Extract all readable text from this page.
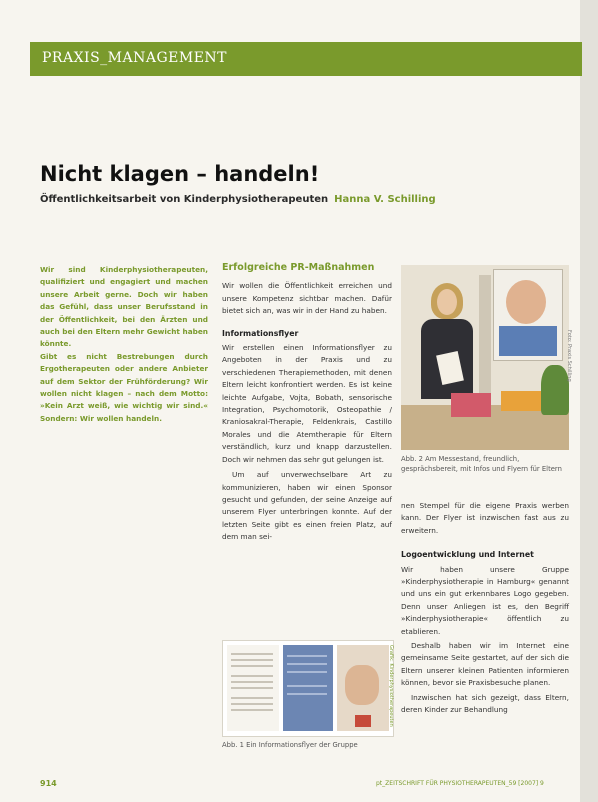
PRAXIS_MANAGEMENT
Nicht klagen – handeln!
Öffentlichkeitsarbeit von Kinderphysiotherapeuten Hanna V. Schilling

Wir sind Kinderphysiotherapeuten, qualifiziert und engagiert und machen unsere Arbeit gerne. Doch wir haben das Gefühl, dass unser Berufsstand in der Öffentlichkeit, bei den Ärzten und auch bei den Eltern mehr Gewicht haben könnte.

Gibt es nicht Bestrebungen durch Ergotherapeuten oder andere Anbieter auf dem Sektor der Frühförderung? Wir wollen nicht klagen – nach dem Motto: »Kein Arzt weiß, wie wichtig wir sind.« Sondern: Wir wollen handeln.

Erfolgreiche PR-Maßnahmen

Wir wollen die Öffentlichkeit erreichen und unsere Kompetenz sichtbar machen. Dafür bietet sich an, was wir in der Hand zu haben.

Informationsflyer

Wir erstellen einen Informationsflyer zu Angeboten in der Praxis und zu verschiedenen Therapiemethoden, mit denen Eltern leicht konfrontiert werden. Es ist keine leichte Aufgabe, Vojta, Bobath, sensorische Integration, Psychomotorik, Osteopathie / Kraniosakral-Therapie, Feldenkrais, Castillo Morales und die Atemtherapie für Eltern verständlich, kurz und knapp darzustellen. Doch wir nehmen das sehr gut gelungen ist.

Um auf unverwechselbare Art zu kommunizieren, haben wir einen Sponsor gesucht und gefunden, der seine Anzeige auf unserem Flyer unterbringen konnte. Auf der letzten Seite gibt es einen freien Platz, auf dem man sei-

Grafik: Kinderphysiotherapeuten
Abb. 1 Ein Informationsflyer der Gruppe
Foto: Praxis Schilling
Abb. 2 Am Messestand, freundlich, gesprächsbereit, mit Infos und Flyern für Eltern

nen Stempel für die eigene Praxis werben kann. Der Flyer ist inzwischen fast aus zu erweitern.

Logoentwicklung und Internet

Wir haben unsere Gruppe »Kinderphysiotherapie in Hamburg« genannt und uns ein gut erkennbares Logo gegeben. Denn unser Anliegen ist es, den Begriff »Kinderphysiotherapie« öffentlich zu etablieren.

Deshalb haben wir im Internet eine gemeinsame Seite gestartet, auf der sich die Eltern unserer kleinen Patienten informieren können, bevor sie Praxisbesuche planen.

Inzwischen hat sich gezeigt, dass Eltern, deren Kinder zur Behandlung

914	pt_ZEITSCHRIFT FÜR PHYSIOTHERAPEUTEN_59 [2007] 9
